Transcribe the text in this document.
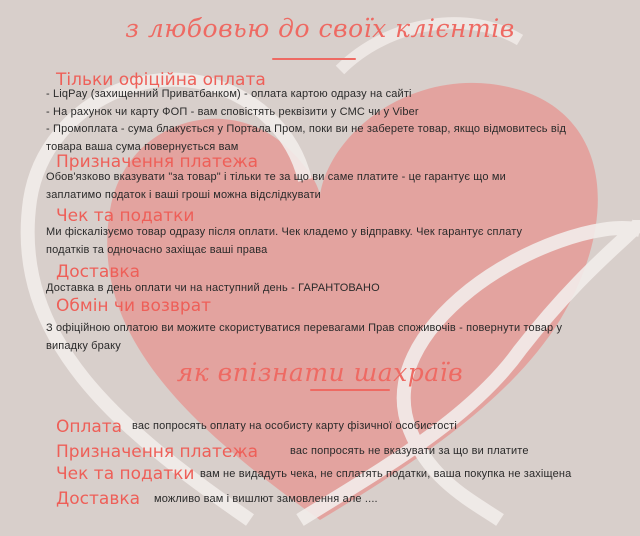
з любовью до своїх клієнтів
Тільки офіційна оплата
- LiqPay (захищенний Приватбанком) - оплата картою одразу на сайті
- На рахунок чи карту ФОП - вам сповістять реквізити у СМС чи у Viber
- Промоплата - сума блакується у Портала Пром, поки ви не заберете товар, якщо відмовитесь від
товара ваша сума повернується вам
Призначення платежа
Обов'язково вказувати "за товар" і тільки те за що ви саме платите - це гарантує що ми
заплатимо податок і ваші гроші можна відслідкувати
Чек та податки
Ми фіскалізуємо товар одразу після оплати. Чек кладемо у відправку. Чек гарантує сплату
податків та одночасно захіщає ваші права
Доставка
Доставка в день оплати чи на наступний день - ГАРАНТОВАНО
Обмін чи возврат
З офіційною оплатою ви можите скористуватися перевагами Прав споживочів - повернути товар у
випадку браку
як вnізнати шахраїв
Оплата вас попросять оплату на особисту карту фізичної особистості
Призначення платежа	вас попросять не вказувати за що ви платите
Чек та податки вам не видадуть чека, не сплатять податки, ваша покупка не захіщена
Доставка можливо вам і вишлют замовлення але ....
